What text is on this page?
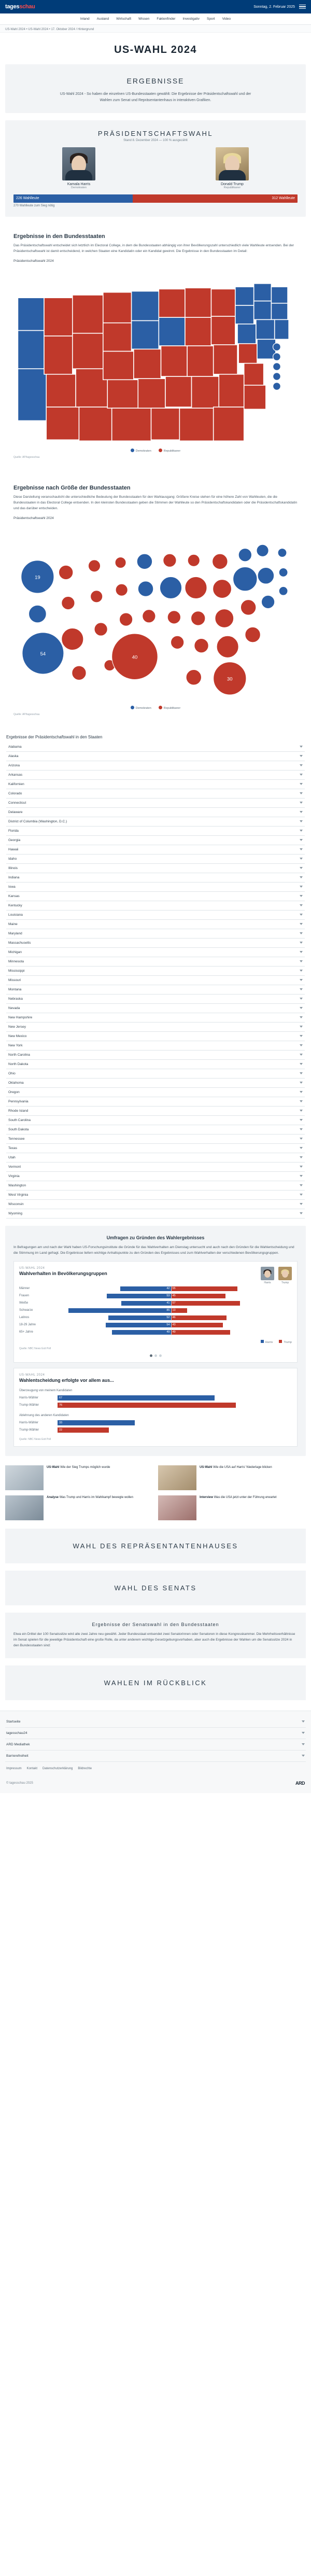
tagesschau	Sonntag, 2. Februar 2025
Inland Ausland Wirtschaft Wissen Faktenfinder Investigativ Sport Video
US-Wahl 2024 • US-Wahl 2024 • 17. Oktober 2024 / Hintergrund
US-WAHL 2024
ERGEBNISSE
US-Wahl 2024 - So haben die einzelnen US-Bundesstaaten gewählt: Die Ergebnisse der Präsidentschaftswahl und der Wahlen zum Senat und Repräsentantenhaus in interaktiven Grafiken.
PRÄSIDENTSCHAFTSWAHL
Stand 8. Dezember 2024 — 100 % ausgezählt
Kamala Harris
Demokraten
Donald Trump
Republikaner
226 Wahlleute	312 Wahlleute
270 Wahlleute zum Sieg nötig
Ergebnisse in den Bundesstaaten
Das Präsidentschaftswahl entscheidet sich letztlich im Electoral College, in dem die Bundesstaaten abhängig von ihrer Bevölkerungszahl unterschiedlich viele Wahlleute entsenden. Bei der Präsidentschaftswahl ist damit entscheidend, in welchen Staaten eine Kandidatin oder ein Kandidat gewinnt. Die Ergebnisse in den Bundesstaaten im Detail:
Präsidentschaftswahl 2024
Demokraten	Republikaner
Quelle: AP/tagesschau
Ergebnisse nach Größe der Bundesstaaten
Diese Darstellung veranschaulicht die unterschiedliche Bedeutung der Bundesstaaten für den Wahlausgang: Größere Kreise stehen für eine höhere Zahl von Wahlleuten, die die Bundesstaaten in das Electoral College entsenden. In den kleinsten Bundesstaaten geben die Stimmen der Wahlleute so den Präsidentschaftskandidaten oder die Präsidentschaftskandidatin und das darüber entscheiden.
Präsidentschaftswahl 2024
54
40
30
19
Demokraten	Republikaner
Quelle: AP/tagesschau
Ergebnisse der Präsidentschaftswahl in den Staaten
Alabama
Alaska
Arizona
Arkansas
Kalifornien
Colorado
Connecticut
Delaware
District of Columbia (Washington, D.C.)
Florida
Georgia
Hawaii
Idaho
Illinois
Indiana
Iowa
Kansas
Kentucky
Louisiana
Maine
Maryland
Massachusetts
Michigan
Minnesota
Mississippi
Missouri
Montana
Nebraska
Nevada
New Hampshire
New Jersey
New Mexico
New York
North Carolina
North Dakota
Ohio
Oklahoma
Oregon
Pennsylvania
Rhode Island
South Carolina
South Dakota
Tennessee
Texas
Utah
Vermont
Virginia
Washington
West Virginia
Wisconsin
Wyoming
Umfragen zu Gründen des Wahlergebnisses
In Befragungen am und nach der Wahl haben US-Forschungsinstitute die Gründe für das Wahlverhalten am Dienstag untersucht und auch nach den Gründen für die Wahlentscheidung und die Stimmung im Land gefragt. Die Ergebnisse liefern wichtige Anhaltspunkte zu den Gründen des Ergebnisses und zum Wahlverhalten der verschiedenen Bevölkerungsgruppen.
US-WAHL 2024
Wahlverhalten in Bevölkerungsgruppen
Harris	Trump
Männer	42 55
Frauen	53 45
Weiße	41 57
Schwarze	85 13
Latinos	52 46
18-29 Jahre	54 43
65+ Jahre	49 49
Harris	Trump
Quelle: NBC News Exit Poll
US-WAHL 2024
Wahlentscheidung erfolgte vor allem aus...
Überzeugung von meinem Kandidaten
Harris-Wähler	67
Trump-Wähler	76
Ablehnung des anderen Kandidaten
Harris-Wähler	33
Trump-Wähler	22
Quelle: NBC News Exit Poll
US-Wahl Wie der Sieg Trumps möglich wurde	US-Wahl Wie die USA auf Harris' Niederlage blicken
Analyse Was Trump und Harris im Wahlkampf bewegte wollen	Interview Was die USA jetzt unter der Führung erwartet
WAHL DES REPRÄSENTANTENHAUSES
WAHL DES SENATS
Ergebnisse der Senatswahl in den Bundesstaaten
Etwa ein Drittel der 100 Senatssitze wird alle zwei Jahre neu gewählt. Jeder Bundesstaat entsendet zwei Senatorinnen oder Senatoren in diese Kongresskammer. Die Mehrheitsverhältnisse im Senat spielen für die jeweilige Präsidentschaft eine große Rolle, da unter anderem wichtige Gesetzgebungsvorhaben, aber auch die Ergebnisse der Wahlen um die Senatssitze 2024 in den Bundesstaaten sind:
WAHLEN IM RÜCKBLICK
Startseite
tagesschau24
ARD Mediathek
Barrierefreiheit
Impressum Kontakt Datenschutzerklärung Bildrechte
© tagesschau 2025	ARD
